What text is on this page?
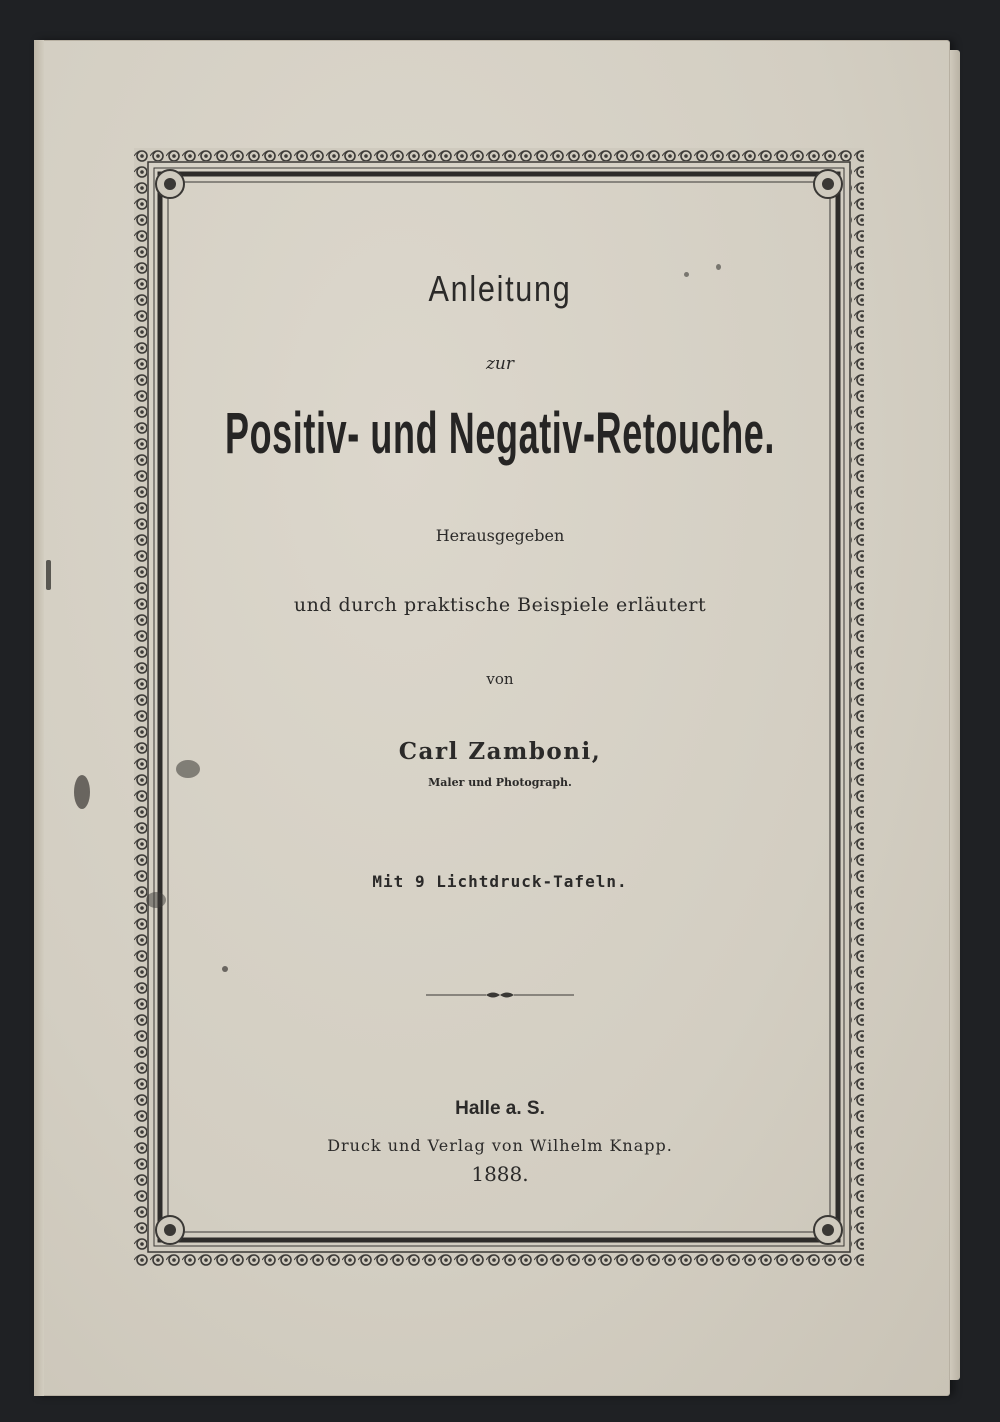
Anleitung
zur
Positiv- und Negativ-Retouche.
Herausgegeben
und durch praktische Beispiele erläutert
von
Carl Zamboni,
Maler und Photograph.
Mit 9 Lichtdruck-Tafeln.
Halle a. S.
Druck und Verlag von Wilhelm Knapp.
1888.
